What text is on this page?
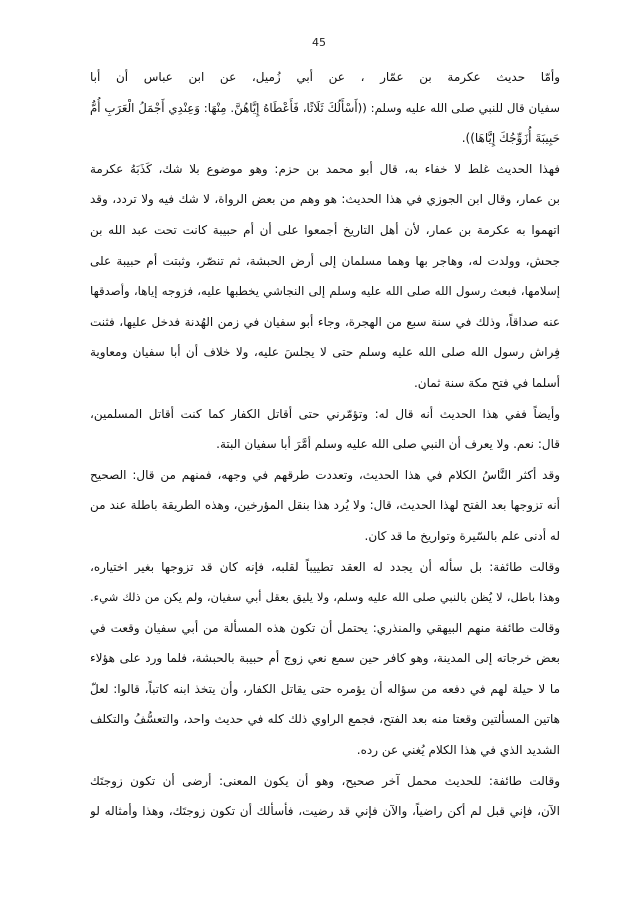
45
وأمّا حديث عكرمة بن عمّار ، عن أبي زُميل، عن ابن عباس أن أبا
سفيان قال للنبي صلى الله عليه وسلم: ((أَسْأَلُكَ ثَلَاثًا، فَأَعْطَاهُ إِيَّاهُنَّ. مِنْهَا: وَعِنْدِي أَجْمَلُ الْعَرَبِ أُمُّ
حَبِيبَةَ أُزَوِّجُكَ إِيَّاهَا)).
فهذا الحديث غلط لا خفاء به، قال أبو محمد بن حزم: وهو موضوع بلا شك، كَذَبَهُ عكرمة
بن عمار، وقال ابن الجوزي في هذا الحديث: هو وهم من بعض الرواة، لا شك فيه ولا تردد، وقد
اتهموا به عكرمة بن عمار، لأن أهل التاريخ أجمعوا على أن أم حبيبة كانت تحت عبد الله بن
جحش، وولدت له، وهاجر بها وهما مسلمان إلى أرض الحبشة، ثم تنصّر، وثبتت أم حبيبة على
إسلامها، فبعث رسول الله صلى الله عليه وسلم إلى النجاشي يخطبها عليه، فزوجه إياها، وأصدقها
عنه صداقاً، وذلك في سنة سبع من الهجرة، وجاء أبو سفيان في زمن الهُدنة فدخل عليها، فثنت
فِراش رسول الله صلى الله عليه وسلم حتى لا يجلسَ عليه، ولا خلاف أن أبا سفيان ومعاوية
أسلما في فتح مكة سنة ثمان.
وأيضاً ففي هذا الحديث أنه قال له: وتؤمّرني حتى أقاتل الكفار كما كنت أقاتل المسلمين،
قال: نعم. ولا يعرف أن النبي صلى الله عليه وسلم أمَّرَ أبا سفيان البتة.
وقد أكثر النَّاسُ الكلام في هذا الحديث، وتعددت طرقهم في وجهه، فمنهم من قال: الصحيح
أنه تزوجها بعد الفتح لهذا الحديث، قال: ولا يُرد هذا بنقل المؤرخين، وهذه الطريقة باطلة عند من
له أدنى علم بالسّيرة وتواريخ ما قد كان.
وقالت طائفة: بل سأله أن يجدد له العقد تطييباً لقلبه، فإنه كان قد تزوجها بغير اختياره،
وهذا باطل، لا يُظن بالنبي صلى الله عليه وسلم، ولا يليق بعقل أبي سفيان، ولم يكن من ذلك شيء.
وقالت طائفة منهم البيهقي والمنذري: يحتمل أن تكون هذه المسألة من أبي سفيان وقعت في
بعض خرجاته إلى المدينة، وهو كافر حين سمع نعي زوج أم حبيبة بالحبشة، فلما ورد على هؤلاء
ما لا حيلة لهم في دفعه من سؤاله أن يؤمره حتى يقاتل الكفار، وأن يتخذ ابنه كاتباً، قالوا: لعلّ
هاتين المسألتين وقعتا منه بعد الفتح، فجمع الراوي ذلك كله في حديث واحد، والتعسُّفُ والتكلف
الشديد الذي في هذا الكلام يُغني عن رده.
وقالت طائفة: للحديث محمل آخر صحيح، وهو أن يكون المعنى: أرضى أن تكون زوجتَك
الآن، فإني قبل لم أكن راضياً، والآن فإني قد رضيت، فأسألك أن تكون زوجتَك، وهذا وأمثاله لو
